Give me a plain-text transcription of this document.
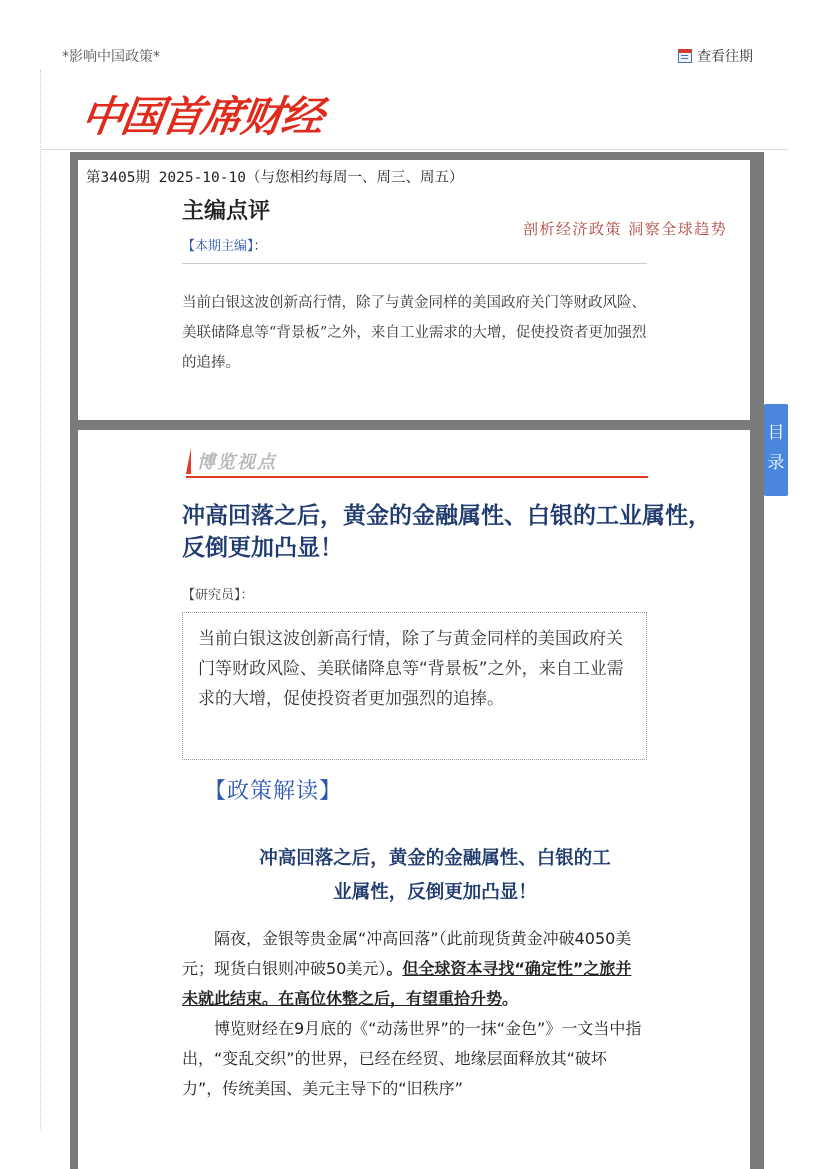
*影响中国政策*	查看往期
中国首席财经
第3405期 2025-10-10（与您相约每周一、周三、周五）
主编点评
剖析经济政策 洞察全球趋势
【本期主编】：
当前白银这波创新高行情，除了与黄金同样的美国政府关门等财政风险、美联储降息等“背景板”之外，来自工业需求的大增，促使投资者更加强烈的追捧。
博览视点
冲高回落之后，黄金的金融属性、白银的工业属性，反倒更加凸显！
【研究员】：
当前白银这波创新高行情，除了与黄金同样的美国政府关门等财政风险、美联储降息等“背景板”之外，来自工业需求的大增，促使投资者更加强烈的追捧。
【政策解读】
冲高回落之后，黄金的金融属性、白银的工
业属性，反倒更加凸显！

隔夜，金银等贵金属“冲高回落”（此前现货黄金冲破4050美元；现货白银则冲破50美元）。但全球资本寻找“确定性”之旅并未就此结束。在高位休整之后，有望重拾升势。

博览财经在9月底的《“动荡世界”的一抹“金色”》一文当中指出，“变乱交织”的世界，已经在经贸、地缘层面释放其“破坏力”，传统美国、美元主导下的“旧秩序”

目
录
